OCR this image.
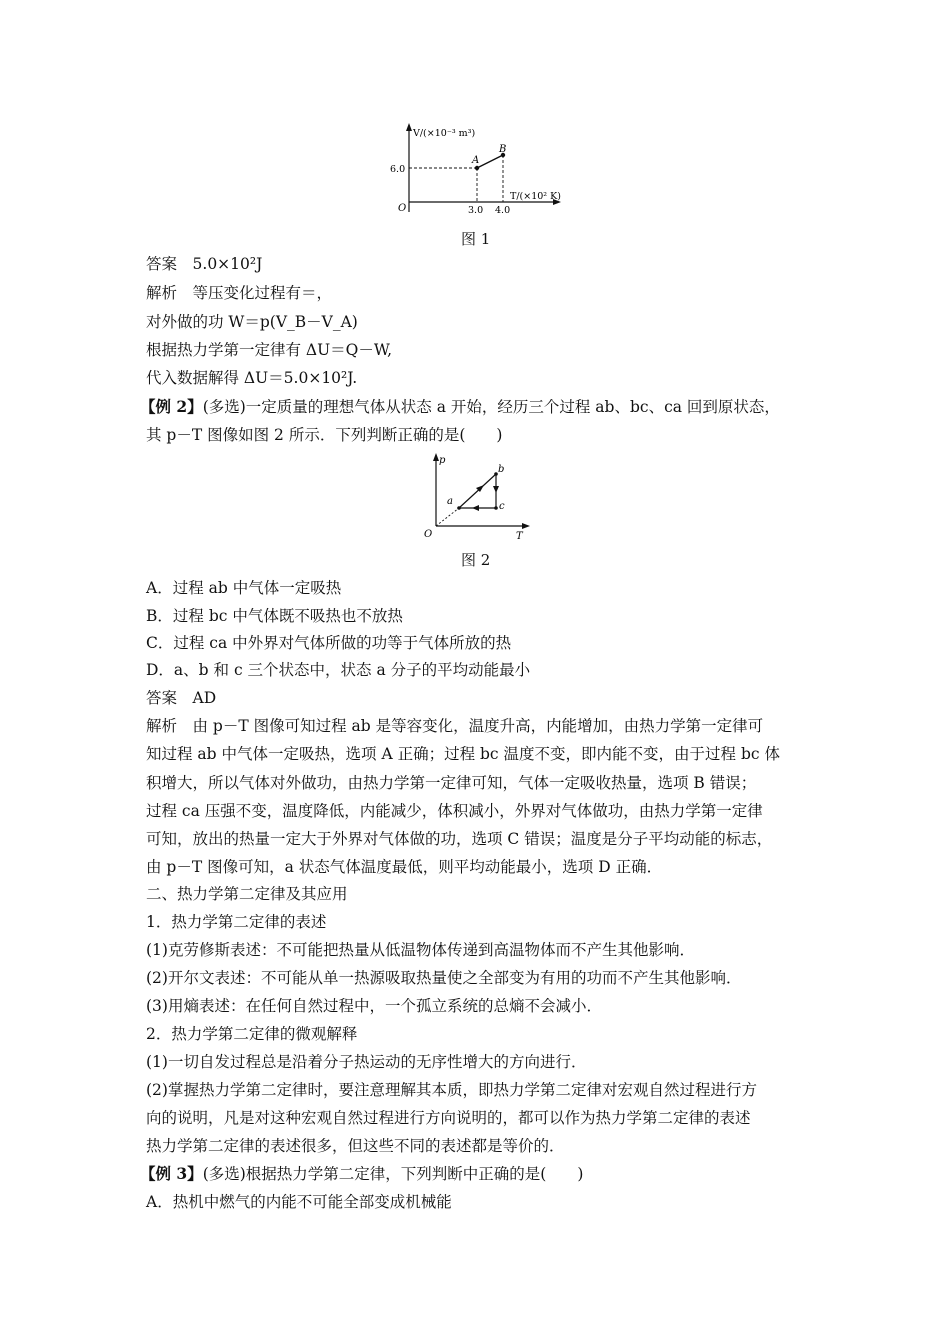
V/(×10⁻³ m³)
T/(×10² K)
O
6.0
3.0 4.0
A
B
图 1
答案　 5.0×10²J
解析　等压变化过程有＝，
对外做的功 W＝p(V_B－V_A)
根据热力学第一定律有 ΔU＝Q－W,
代入数据解得 ΔU＝5.0×10²J.
【例 2】(多选)一定质量的理想气体从状态 a 开始，经历三个过程 ab、bc、ca 回到原状态，
其 p－T 图像如图 2 所示．下列判断正确的是(　　)
p
T
O
a
b
c
图 2
A．过程 ab 中气体一定吸热
B．过程 bc 中气体既不吸热也不放热
C．过程 ca 中外界对气体所做的功等于气体所放的热
D．a、b 和 c 三个状态中，状态 a 分子的平均动能最小
答案　AD
解析　由 p－T 图像可知过程 ab 是等容变化，温度升高，内能增加，由热力学第一定律可
知过程 ab 中气体一定吸热，选项 A 正确；过程 bc 温度不变，即内能不变，由于过程 bc 体
积增大，所以气体对外做功，由热力学第一定律可知，气体一定吸收热量，选项 B 错误；
过程 ca 压强不变，温度降低，内能减少，体积减小，外界对气体做功，由热力学第一定律
可知，放出的热量一定大于外界对气体做的功，选项 C 错误；温度是分子平均动能的标志，
由 p－T 图像可知，a 状态气体温度最低，则平均动能最小，选项 D 正确．
二、热力学第二定律及其应用
1．热力学第二定律的表述
(1)克劳修斯表述：不可能把热量从低温物体传递到高温物体而不产生其他影响．
(2)开尔文表述：不可能从单一热源吸取热量使之全部变为有用的功而不产生其他影响．
(3)用熵表述：在任何自然过程中，一个孤立系统的总熵不会减小．
2．热力学第二定律的微观解释
(1)一切自发过程总是沿着分子热运动的无序性增大的方向进行．
(2)掌握热力学第二定律时，要注意理解其本质，即热力学第二定律对宏观自然过程进行方
向的说明，凡是对这种宏观自然过程进行方向说明的，都可以作为热力学第二定律的表述
热力学第二定律的表述很多，但这些不同的表述都是等价的．
【例 3】(多选)根据热力学第二定律，下列判断中正确的是(　　)
A．热机中燃气的内能不可能全部变成机械能
